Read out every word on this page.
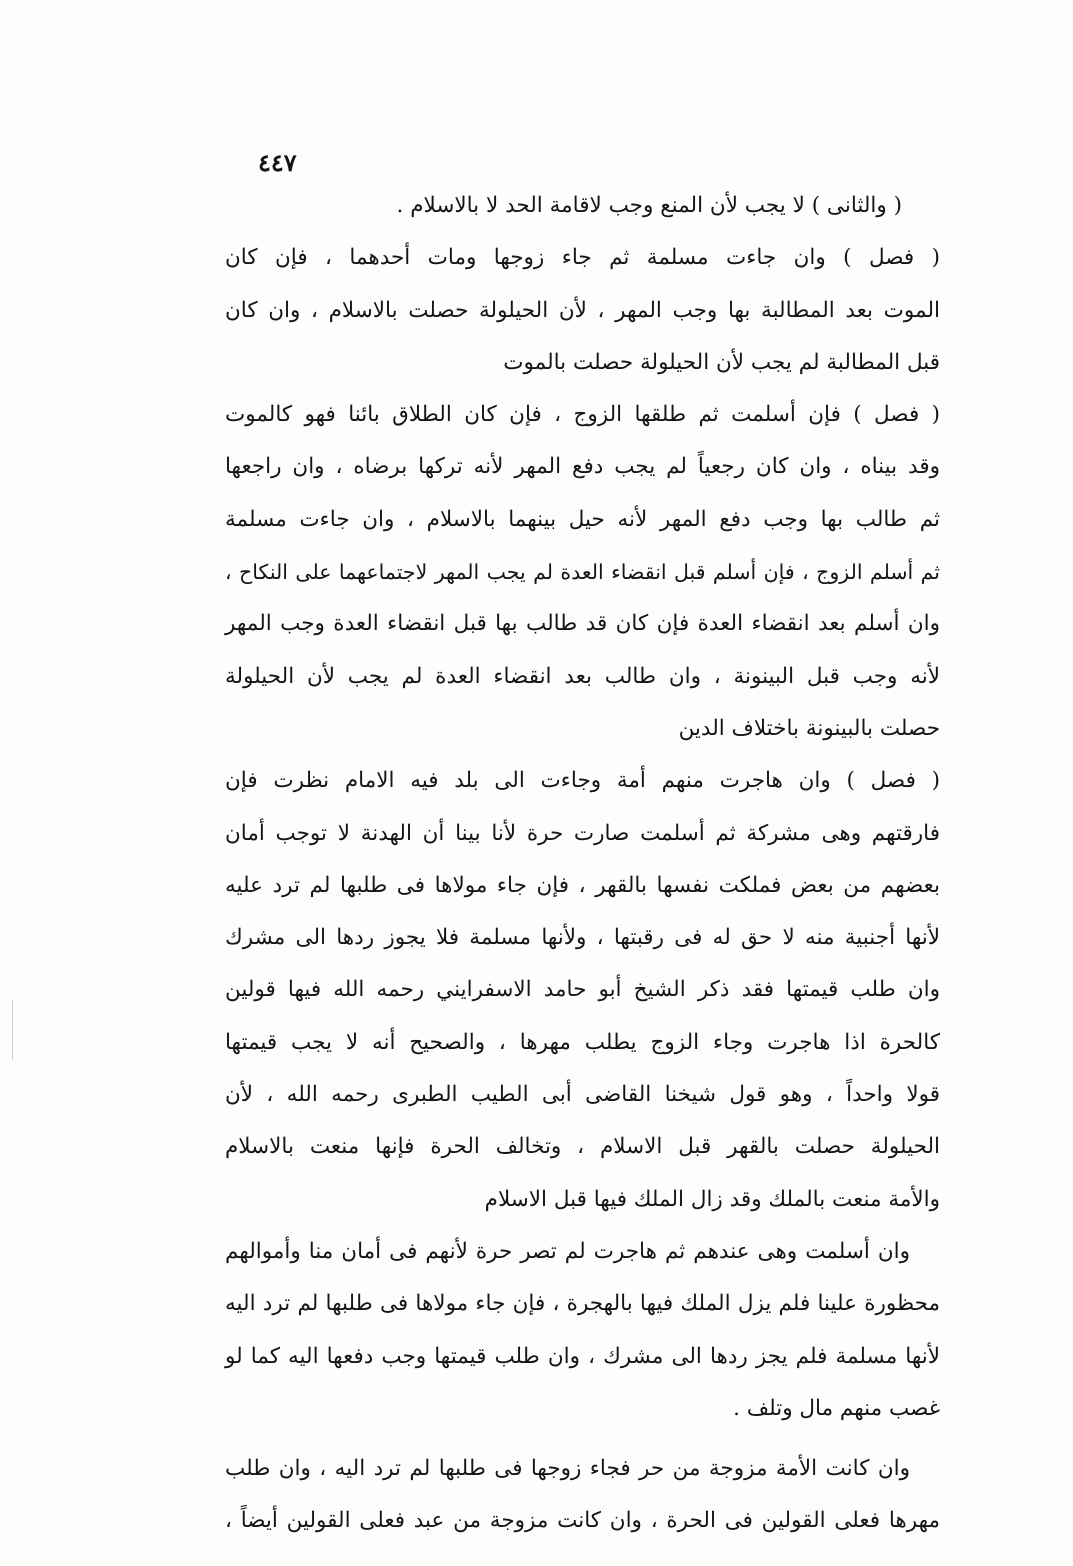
٤٤٧
( والثانى ) لا يجب لأن المنع وجب لاقامة الحد لا بالاسلام .
( فصل ) وان جاءت مسلمة ثم جاء زوجها ومات أحدهما ، فإن كان
الموت بعد المطالبة بها وجب المهر ، لأن الحيلولة حصلت بالاسلام ، وان كان
قبل المطالبة لم يجب لأن الحيلولة حصلت بالموت
( فصل ) فإن أسلمت ثم طلقها الزوج ، فإن كان الطلاق بائنا فهو كالموت
وقد بيناه ، وان كان رجعياً لم يجب دفع المهر لأنه تركها برضاه ، وان راجعها
ثم طالب بها وجب دفع المهر لأنه حيل بينهما بالاسلام ، وان جاءت مسلمة
ثم أسلم الزوج ، فإن أسلم قبل انقضاء العدة لم يجب المهر لاجتماعهما على النكاح ،
وان أسلم بعد انقضاء العدة فإن كان قد طالب بها قبل انقضاء العدة وجب المهر
لأنه وجب قبل البينونة ، وان طالب بعد انقضاء العدة لم يجب لأن الحيلولة
حصلت بالبينونة باختلاف الدين
( فصل ) وان هاجرت منهم أمة وجاءت الى بلد فيه الامام نظرت فإن
فارقتهم وهى مشركة ثم أسلمت صارت حرة لأنا بينا أن الهدنة لا توجب أمان
بعضهم من بعض فملكت نفسها بالقهر ، فإن جاء مولاها فى طلبها لم ترد عليه
لأنها أجنبية منه لا حق له فى رقبتها ، ولأنها مسلمة فلا يجوز ردها الى مشرك
وان طلب قيمتها فقد ذكر الشيخ أبو حامد الاسفرايني رحمه الله فيها قولين
كالحرة اذا هاجرت وجاء الزوج يطلب مهرها ، والصحيح أنه لا يجب قيمتها
قولا واحداً ، وهو قول شيخنا القاضى أبى الطيب الطبرى رحمه الله ، لأن
الحيلولة حصلت بالقهر قبل الاسلام ، وتخالف الحرة فإنها منعت بالاسلام
والأمة منعت بالملك وقد زال الملك فيها قبل الاسلام
وان أسلمت وهى عندهم ثم هاجرت لم تصر حرة لأنهم فى أمان منا وأموالهم
محظورة علينا فلم يزل الملك فيها بالهجرة ، فإن جاء مولاها فى طلبها لم ترد اليه
لأنها مسلمة فلم يجز ردها الى مشرك ، وان طلب قيمتها وجب دفعها اليه كما لو
غصب منهم مال وتلف .
وان كانت الأمة مزوجة من حر فجاء زوجها فى طلبها لم ترد اليه ، وان طلب
مهرها فعلى القولين فى الحرة ، وان كانت مزوجة من عبد فعلى القولين أيضاً ،
